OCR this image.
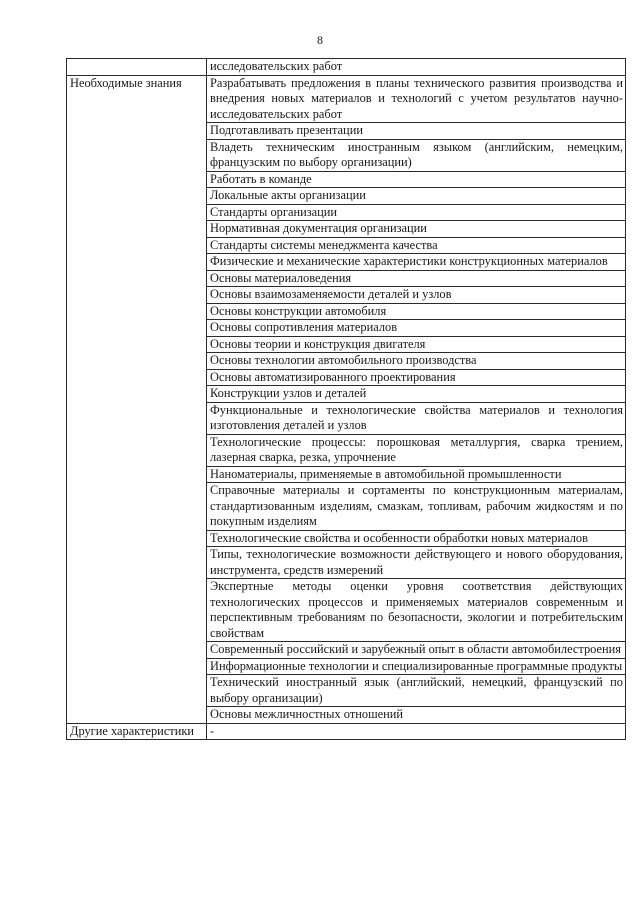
8
	исследовательских работ
Необходимые знания	Разрабатывать предложения в планы технического развития производства и внедрения новых материалов и технологий с учетом результатов научно-исследовательских работ
	Подготавливать презентации
	Владеть техническим иностранным языком (английским, немецким, французским по выбору организации)
	Работать в команде
	Локальные акты организации
	Стандарты организации
	Нормативная документация организации
	Стандарты системы менеджмента качества
	Физические и механические характеристики конструкционных материалов
	Основы материаловедения
	Основы взаимозаменяемости деталей и узлов
	Основы конструкции автомобиля
	Основы сопротивления материалов
	Основы теории и конструкция двигателя
	Основы технологии автомобильного производства
	Основы автоматизированного проектирования
	Конструкции узлов и деталей
	Функциональные и технологические свойства материалов и технология изготовления деталей и узлов
	Технологические процессы: порошковая металлургия, сварка трением, лазерная сварка, резка, упрочнение
	Наноматериалы, применяемые в автомобильной промышленности
	Справочные материалы и сортаменты по конструкционным материалам, стандартизованным изделиям, смазкам, топливам, рабочим жидкостям и по покупным изделиям
	Технологические свойства и особенности обработки новых материалов
	Типы, технологические возможности действующего и нового оборудования, инструмента, средств измерений
	Экспертные методы оценки уровня соответствия действующих технологических процессов и применяемых материалов современным и перспективным требованиям по безопасности, экологии и потребительским свойствам
	Современный российский и зарубежный опыт в области автомобилестроения
	Информационные технологии и специализированные программные продукты
	Технический иностранный язык (английский, немецкий, французский по выбору организации)
	Основы межличностных отношений
Другие характеристики	-
